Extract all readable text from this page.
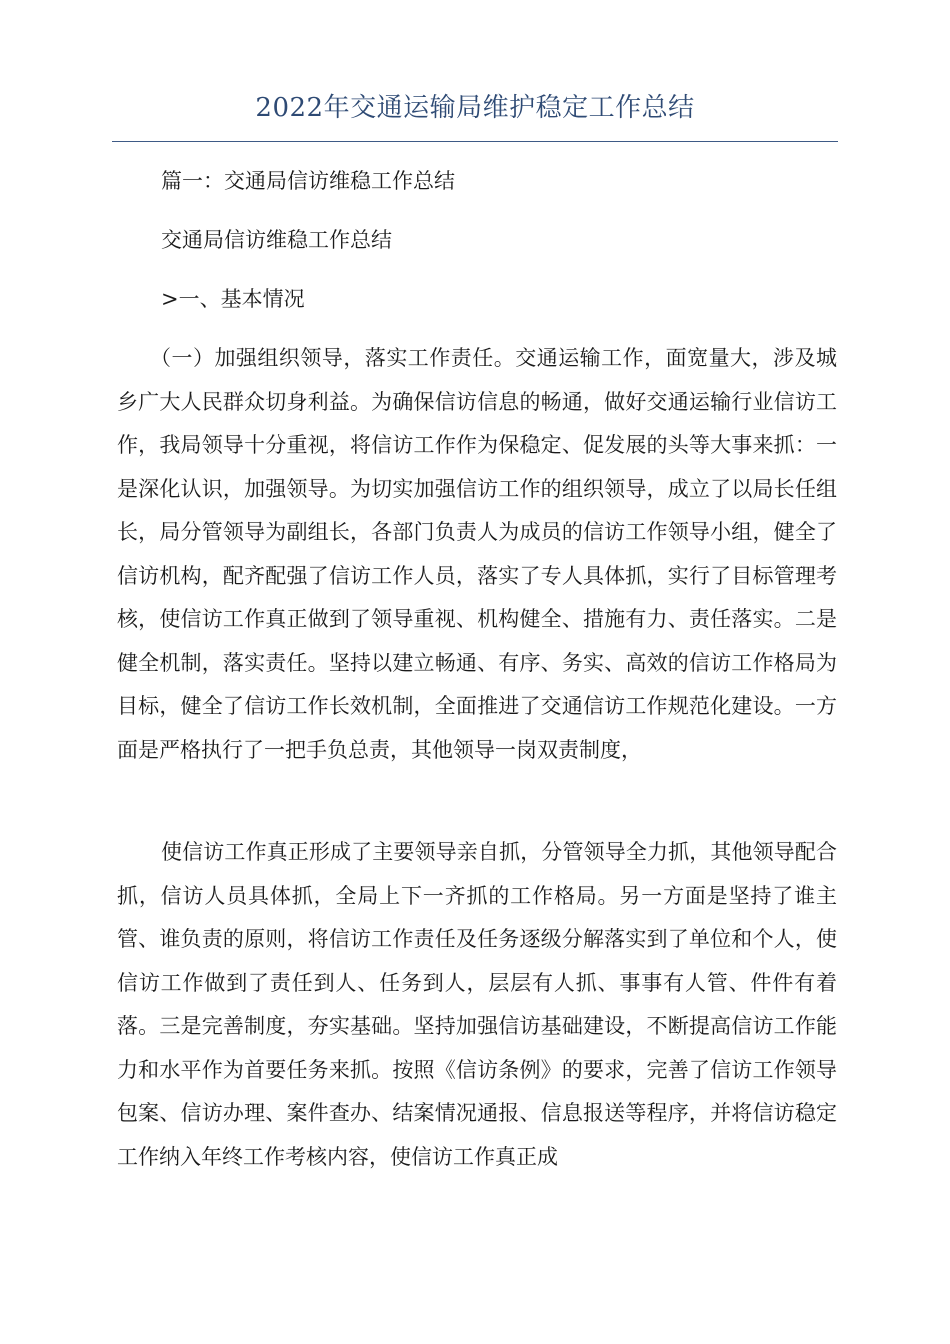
2022年交通运输局维护稳定工作总结

篇一：交通局信访维稳工作总结

交通局信访维稳工作总结

>一、基本情况

（一）加强组织领导，落实工作责任。交通运输工作，面宽量大，涉及城乡广大人民群众切身利益。为确保信访信息的畅通，做好交通运输行业信访工作，我局领导十分重视，将信访工作作为保稳定、促发展的头等大事来抓：一是深化认识，加强领导。为切实加强信访工作的组织领导，成立了以局长任组长，局分管领导为副组长，各部门负责人为成员的信访工作领导小组，健全了信访机构，配齐配强了信访工作人员，落实了专人具体抓，实行了目标管理考核，使信访工作真正做到了领导重视、机构健全、措施有力、责任落实。二是健全机制，落实责任。坚持以建立畅通、有序、务实、高效的信访工作格局为目标，健全了信访工作长效机制，全面推进了交通信访工作规范化建设。一方面是严格执行了一把手负总责，其他领导一岗双责制度，

使信访工作真正形成了主要领导亲自抓，分管领导全力抓，其他领导配合抓，信访人员具体抓，全局上下一齐抓的工作格局。另一方面是坚持了谁主管、谁负责的原则，将信访工作责任及任务逐级分解落实到了单位和个人，使信访工作做到了责任到人、任务到人，层层有人抓、事事有人管、件件有着落。三是完善制度，夯实基础。坚持加强信访基础建设，不断提高信访工作能力和水平作为首要任务来抓。按照《信访条例》的要求，完善了信访工作领导包案、信访办理、案件查办、结案情况通报、信息报送等程序，并将信访稳定工作纳入年终工作考核内容，使信访工作真正成
